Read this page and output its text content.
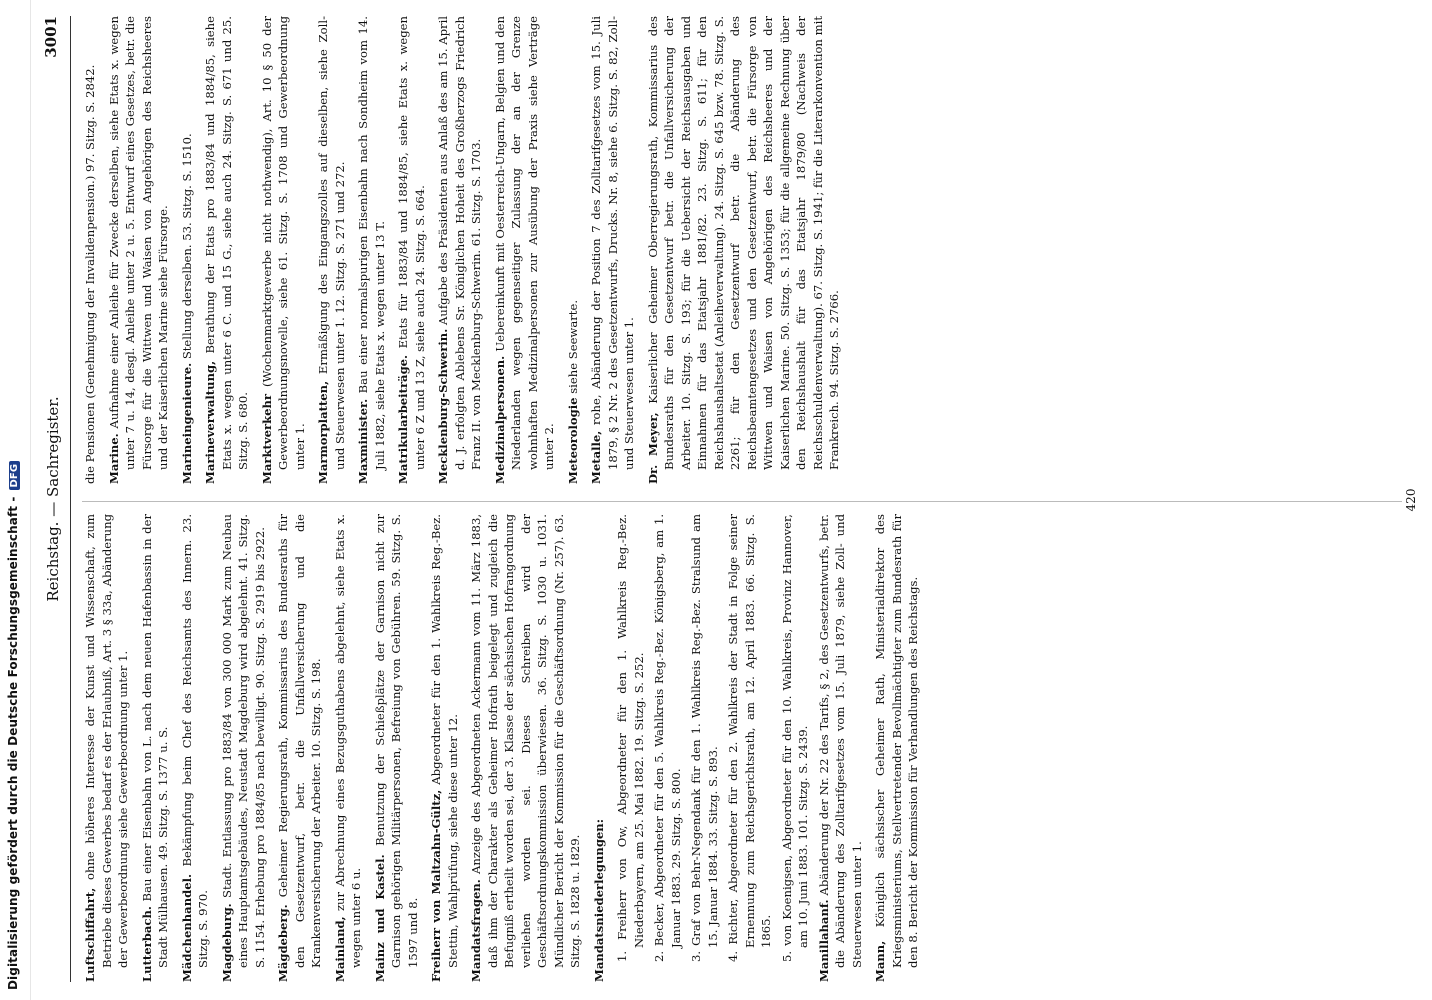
Digitalisierung gefördert durch die Deutsche Forschungsgemeinschaft -DFG Reichstag. — Sachregister.
3001
Luftschiffahrt, ohne höheres Interesse der Kunst und Wissenschaft, zum Betriebe dieses Gewerbes bedarf es der Erlaubniß, Art. 3 § 33a, Abänderung der Gewerbeordnung siehe Gewerbeordnung unter 1. Lutterbach. Bau einer Eisenbahn von L. nach dem neuen Hafenbassin in der Stadt Mülhausen. 49. Sitzg. S. 1377 u. S. Mädchenhandel. Bekämpfung beim Chef des Reichsamts des Innern. 23. Sitzg. S. 970. Magdeburg. Stadt. Entlassung pro 1883/84 von 300 000 Mark zum Neubau eines Hauptamtsgebäudes, Neustadt Magdeburg wird abgelehnt. 41. Sitzg. S. 1154. Erhebung pro 1884/85 nach bewilligt. 90. Sitzg. S. 2919 bis 2922. Mägdeberg. Geheimer Regierungsrath, Kommissarius des Bundesraths für den Gesetzentwurf, betr. die Unfallversicherung und die Krankenversicherung der Arbeiter. 10. Sitzg. S. 198. Mainland, zur Abrechnung eines Bezugsguthabens abgelehnt, siehe Etats x. wegen unter 6 u. Mainz und Kastel. Benutzung der Schießplätze der Garnison nicht zur Garnison gehörigen Militärpersonen, Befreiung von Gebühren. 59. Sitzg. S. 1597 und 8. Freiherr von Maltzahn-Gültz, Abgeordneter für den 1. Wahlkreis Reg.-Bez. Stettin, Wahlprüfung, siehe diese unter 12. Mandatsfragen. Anzeige des Abgeordneten Ackermann vom 11. März 1883, daß ihm der Charakter als Geheimer Hofrath beigelegt und zugleich die Befugniß ertheilt worden sei, der 3. Klasse der sächsischen Hofrangordnung verliehen worden sei. Dieses Schreiben wird der Geschäftsordnungskommission überwiesen. 36. Sitzg. S. 1030 u. 1031. Mündlicher Bericht der Kommission für die Geschäftsordnung (Nr. 257). 63. Sitzg. S. 1828 u. 1829. Mandatsniederlegungen: 1. Freiherr von Ow, Abgeordneter für den 1. Wahlkreis Reg.-Bez. Niederbayern, am 25. Mai 1882. 19. Sitzg. S. 252. 2. Becker, Abgeordneter für den 5. Wahlkreis Reg.-Bez. Königsberg, am 1. Januar 1883. 29. Sitzg. S. 800. 3. Graf von Behr-Negendank für den 1. Wahlkreis Reg.-Bez. Stralsund am 15. Januar 1884. 33. Sitzg. S. 893. 4. Richter, Abgeordneter für den 2. Wahlkreis der Stadt in Folge seiner Ernennung zum Reichsgerichtsrath, am 12. April 1883. 66. Sitzg. S. 1865. 5. von Koenigsen, Abgeordneter für den 10. Wahlkreis, Provinz Hannover, am 10. Juni 1883. 101. Sitzg. S. 2439. Manillahanf. Abänderung der Nr. 22 des Tarifs, § 2, des Gesetzentwurfs, betr. die Abänderung des Zolltarifgesetzes vom 15. Juli 1879, siehe Zoll- und Steuerwesen unter 1. Mann, Königlich sächsischer Geheimer Rath, Ministerialdirektor des Kriegsministeriums, Stellvertretender Bevollmächtigter zum Bundesrath für den 8. Bericht der Kommission für Verhandlungen des Reichstags.
die Pensionen (Genehmigung der Invalidenpension.) 97. Sitzg. S. 2842. Marine. Aufnahme einer Anleihe für Zwecke derselben, siehe Etats x. wegen unter 7 u. 14, desgl. Anleihe unter 2 u. 5. Entwurf eines Gesetzes, betr. die Fürsorge für die Wittwen und Waisen von Angehörigen des Reichsheeres und der Kaiserlichen Marine siehe Fürsorge. Marineingenieure. Stellung derselben. 53. Sitzg. S. 1510.
Marineverwaltung, Berathung der Etats pro 1883/84 und 1884/85, siehe Etats x. wegen unter 6 C. und 15 G., siehe auch 24. Sitzg. S. 671 und 25. Sitzg. S. 680. Marktverkehr (Wochenmarktgewerbe nicht nothwendig), Art. 10 § 50 der Gewerbeordnungsnovelle, siehe 61. Sitzg. S. 1708 und Gewerbeordnung unter 1. Marmorplatten, Ermäßigung des Eingangszolles auf dieselben, siehe Zoll- und Steuerwesen unter 1. 12. Sitzg. S. 271 und 272. Maxminister. Bau einer normalspurigen Eisenbahn nach Sondheim vom 14. Juli 1882, siehe Etats x. wegen unter 13 T. Matrikularbeiträge. Etats für 1883/84 und 1884/85, siehe Etats x. wegen unter 6 Z und 13 Z, siehe auch 24. Sitzg. S. 664. Mecklenburg-Schwerin. Aufgabe des Präsidenten aus Anlaß des am 15. April d. J. erfolgten Ablebens Sr. Königlichen Hoheit des Großherzogs Friedrich Franz II. von Mecklenburg-Schwerin. 61. Sitzg. S. 1703. Medizinalpersonen. Uebereinkunft mit Oesterreich-Ungarn, Belgien und den Niederlanden wegen gegenseitiger Zulassung der an der Grenze wohnhaften Medizinalpersonen zur Ausübung der Praxis siehe Verträge unter 2. Meteorologie siehe Seewarte.
Metalle, rohe, Abänderung der Position 7 des Zolltarifgesetzes vom 15. Juli 1879, § 2 Nr. 2 des Gesetzentwurfs, Drucks. Nr. 8, siehe 6. Sitzg. S. 82, Zoll- und Steuerwesen unter 1. Dr. Meyer, Kaiserlicher Geheimer Oberregierungsrath, Kommissarius des Bundesraths für den Gesetzentwurf betr. die Unfallversicherung der Arbeiter. 10. Sitzg. S. 193; für die Uebersicht der Reichsausgaben und Einnahmen für das Etatsjahr 1881/82. 23. Sitzg. S. 611; für den Reichshaushaltsetat (Anleiheverwaltung). 24. Sitzg. S. 645 bzw. 78. Sitzg. S. 2261; für den Gesetzentwurf betr. die Abänderung des Reichsbeamtengesetzes und den Gesetzentwurf, betr. die Fürsorge von Wittwen und Waisen von Angehörigen des Reichsheeres und der Kaiserlichen Marine. 50. Sitzg. S. 1353; für die allgemeine Rechnung über den Reichshaushalt für das Etatsjahr 1879/80 (Nachweis der Reichsschuldenverwaltung). 67. Sitzg. S. 1941; für die Literarkonvention mit Frankreich. 94. Sitzg. S. 2766.
420
